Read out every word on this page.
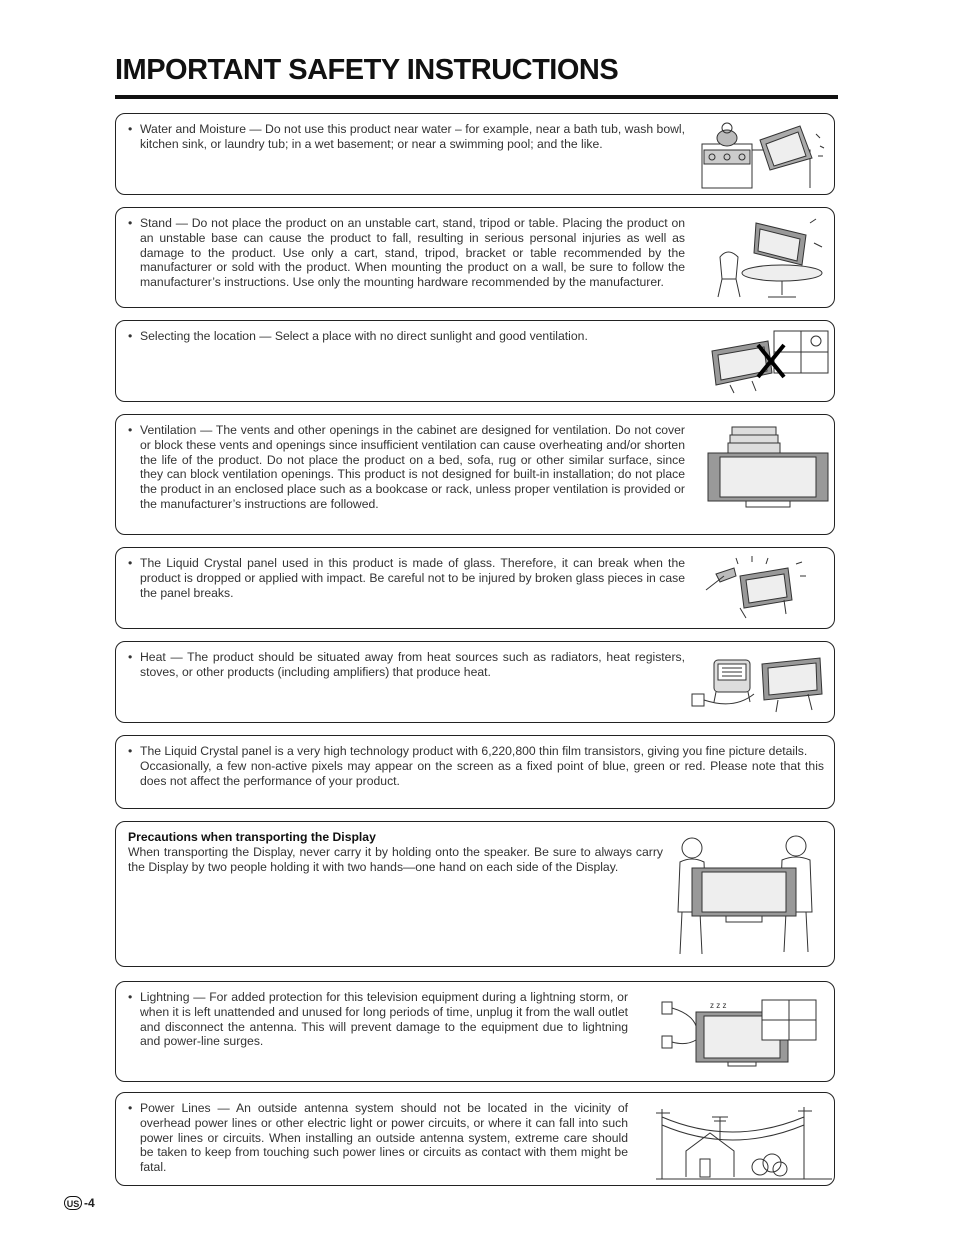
IMPORTANT SAFETY INSTRUCTIONS
• Water and Moisture — Do not use this product near water – for example, near a bath tub, wash bowl, kitchen sink, or laundry tub; in a wet basement; or near a swimming pool; and the like.
• Stand — Do not place the product on an unstable cart, stand, tripod or table. Placing the product on an unstable base can cause the product to fall, resulting in serious personal injuries as well as damage to the product. Use only a cart, stand, tripod, bracket or table recommended by the manufacturer or sold with the product. When mounting the product on a wall, be sure to follow the manufacturer’s instructions. Use only the mounting hardware recommended by the manufacturer.
• Selecting the location — Select a place with no direct sunlight and good ventilation.
• Ventilation — The vents and other openings in the cabinet are designed for ventilation. Do not cover or block these vents and openings since insufficient ventilation can cause overheating and/or shorten the life of the product. Do not place the product on a bed, sofa, rug or other similar surface, since they can block ventilation openings. This product is not designed for built-in installation; do not place the product in an enclosed place such as a bookcase or rack, unless proper ventilation is provided or the manufacturer’s instructions are followed.
• The Liquid Crystal panel used in this product is made of glass. Therefore, it can break when the product is dropped or applied with impact. Be careful not to be injured by broken glass pieces in case the panel breaks.
• Heat — The product should be situated away from heat sources such as radiators, heat registers, stoves, or other products (including amplifiers) that produce heat.
• The Liquid Crystal panel is a very high technology product with 6,220,800 thin film transistors, giving you fine picture details.
Occasionally, a few non-active pixels may appear on the screen as a fixed point of blue, green or red. Please note that this does not affect the performance of your product.
Precautions when transporting the Display
When transporting the Display, never carry it by holding onto the speaker. Be sure to always carry the Display by two people holding it with two hands—one hand on each side of the Display.
• Lightning — For added protection for this television equipment during a lightning storm, or when it is left unattended and unused for long periods of time, unplug it from the wall outlet and disconnect the antenna. This will prevent damage to the equipment due to lightning and power-line surges.
z z z
• Power Lines — An outside antenna system should not be located in the vicinity of overhead power lines or other electric light or power circuits, or where it can fall into such power lines or circuits. When installing an outside antenna system, extreme care should be taken to keep from touching such power lines or circuits as contact with them might be fatal.
US -4
